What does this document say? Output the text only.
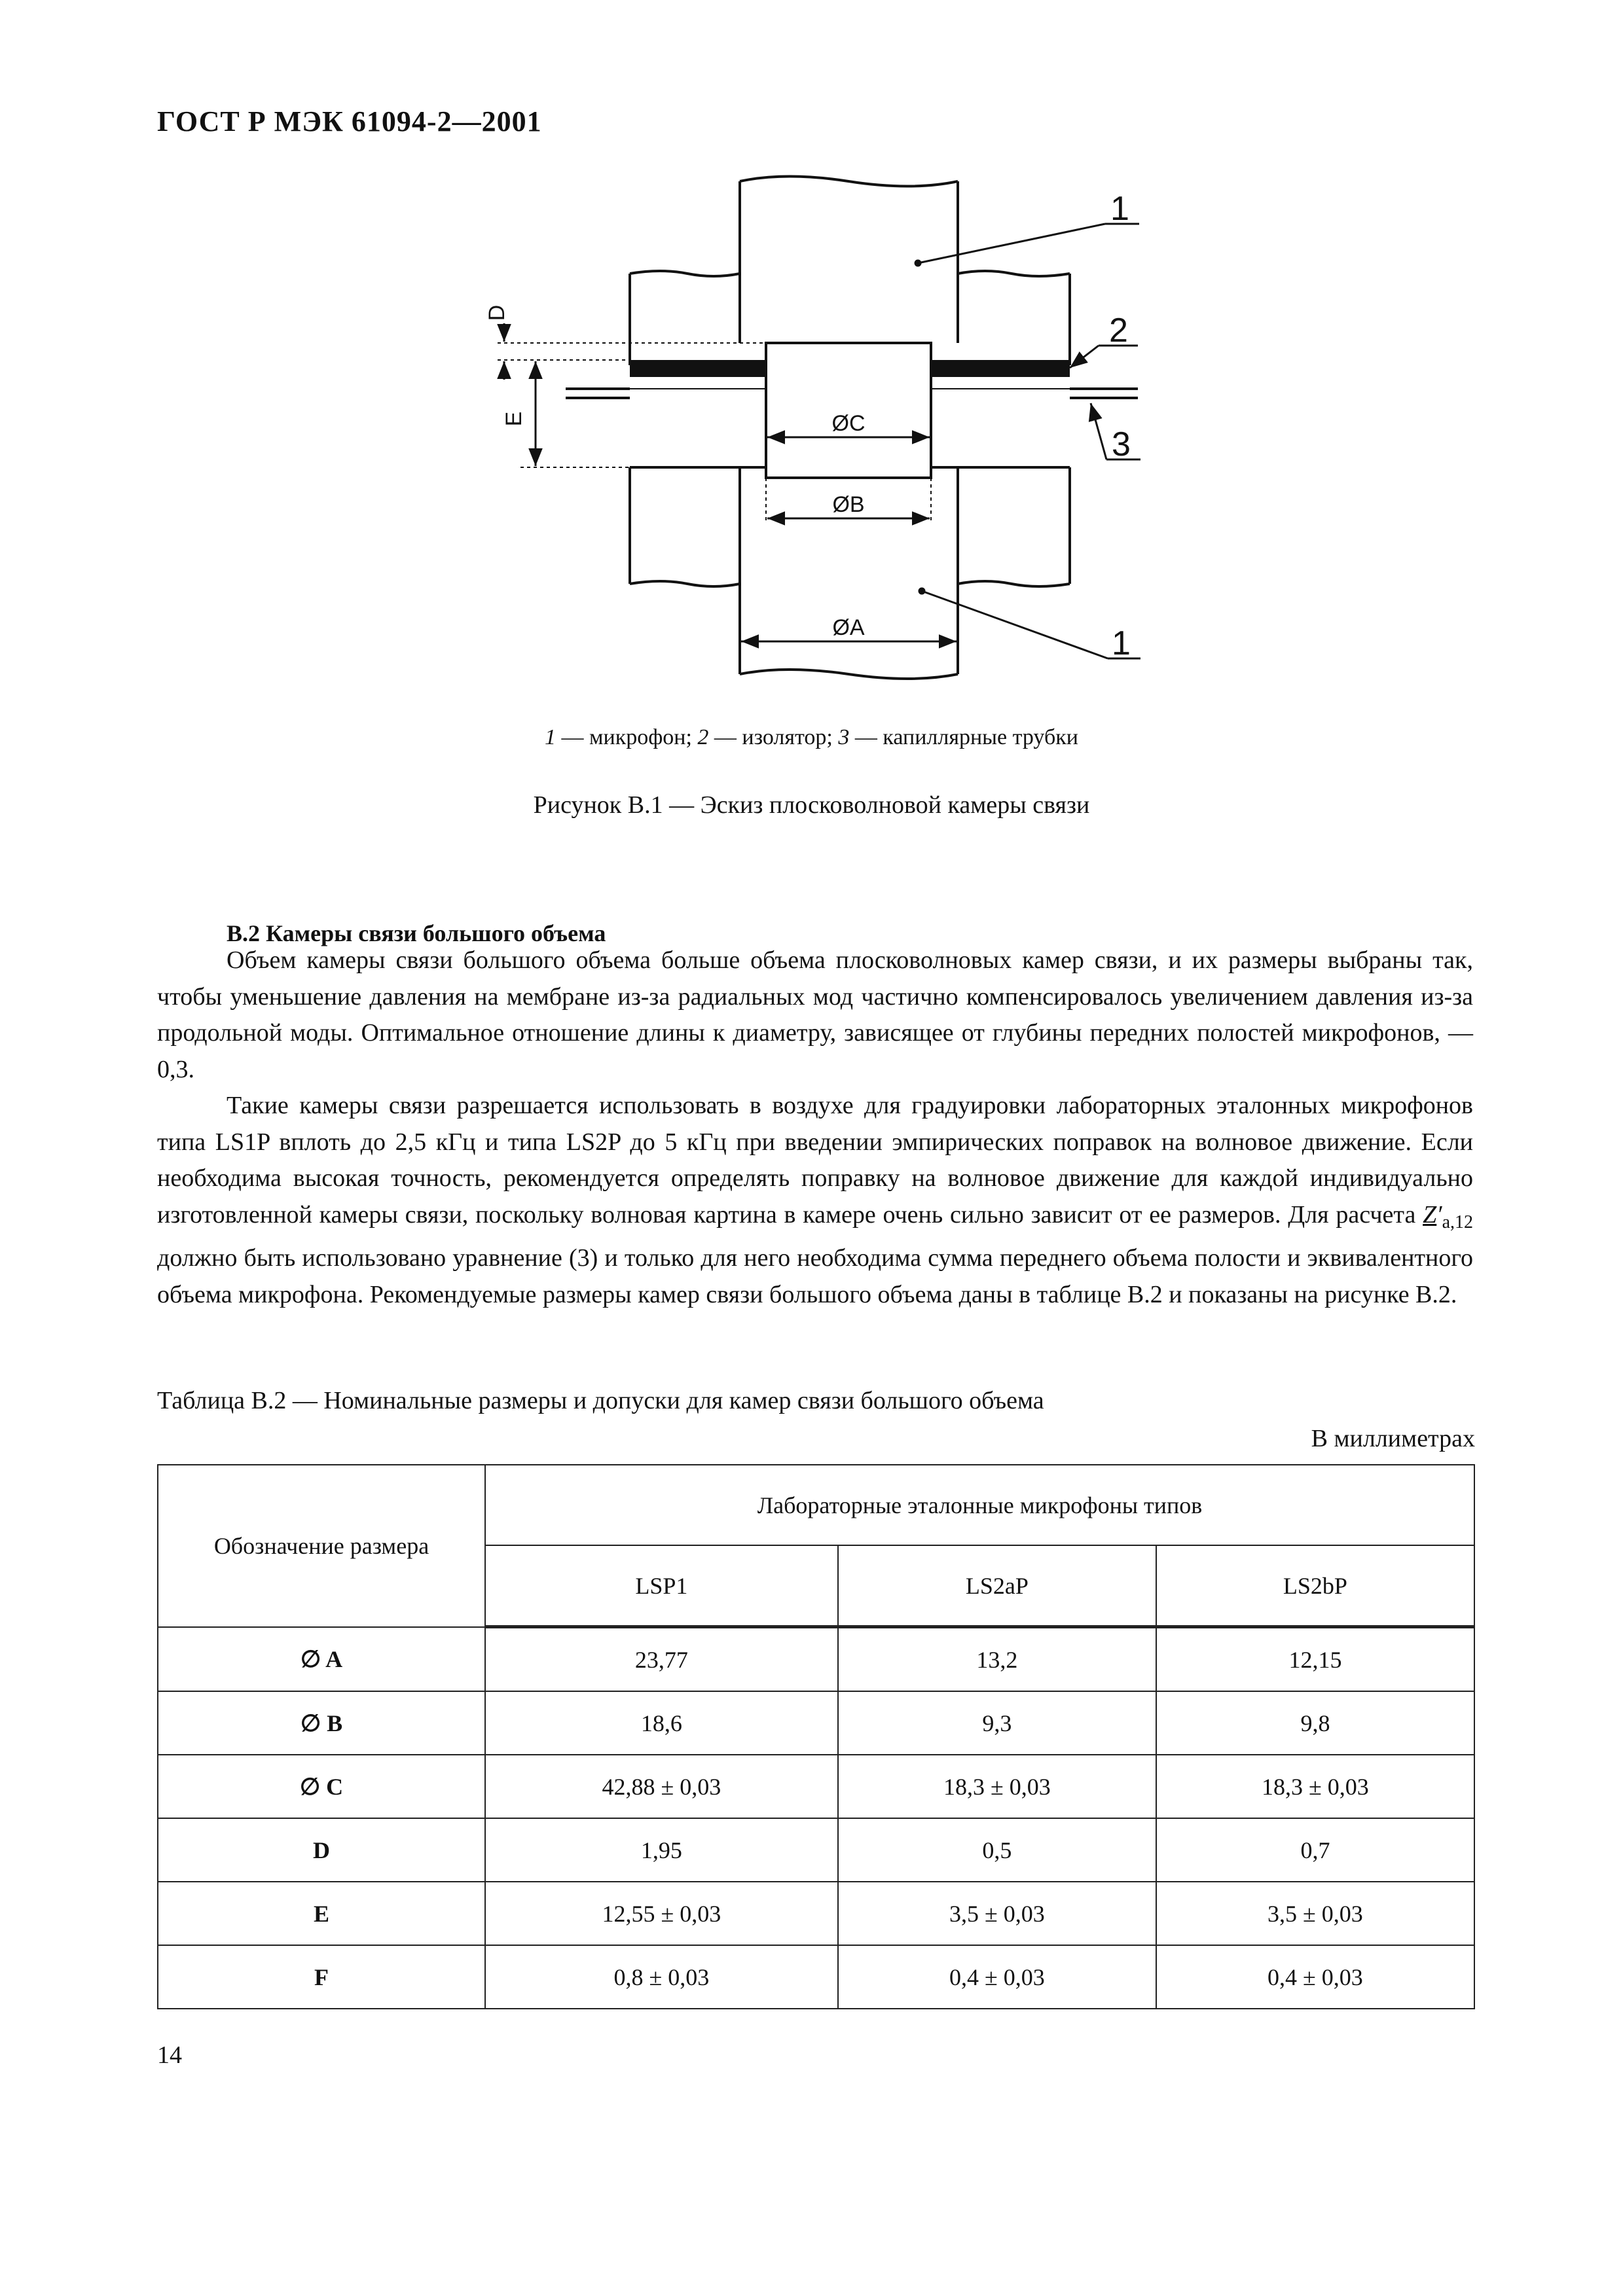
ГОСТ Р МЭК 61094-2—2001
D
E	ØC
ØB
ØA
1
2
3
1
1 — микрофон; 2 — изолятор; 3 — капиллярные трубки
Рисунок В.1 — Эскиз плосковолновой камеры связи
В.2 Камеры связи большого объема

Объем камеры связи большого объема больше объема плосковолновых камер связи, и их размеры выбраны так, чтобы уменьшение давления на мембране из-за радиальных мод частично компенсировалось увеличением давления из-за продольной моды. Оптимальное отношение длины к диаметру, зависящее от глубины передних полостей микрофонов, — 0,3.

Такие камеры связи разрешается использовать в воздухе для градуировки лабораторных эталонных микрофонов типа LS1P вплоть до 2,5 кГц и типа LS2P до 5 кГц при введении эмпирических поправок на волновое движение. Если необходима высокая точность, рекомендуется определять поправку на волновое движение для каждой индивидуально изготовленной камеры связи, поскольку волновая картина в камере очень сильно зависит от ее размеров. Для расчета $Z'_{a,12}$ должно быть использовано уравнение (3) и только для него необходима сумма переднего объема полости и эквивалентного объема микрофона. Рекомендуемые размеры камер связи большого объема даны в таблице В.2 и показаны на рисунке В.2.

Таблица В.2 — Номинальные размеры и допуски для камер связи большого объема
В миллиметрах
Обозначение размера	Лабораторные эталонные микрофоны типов		
	LSP1	LS2aP	LS2bP
∅ A	23,77	13,2	12,15
∅ B	18,6	9,3	9,8
∅ C	42,88 ± 0,03	18,3 ± 0,03	18,3 ± 0,03
D	1,95	0,5	0,7
E	12,55 ± 0,03	3,5 ± 0,03	3,5 ± 0,03
F	0,8 ± 0,03	0,4 ± 0,03	0,4 ± 0,03
14
